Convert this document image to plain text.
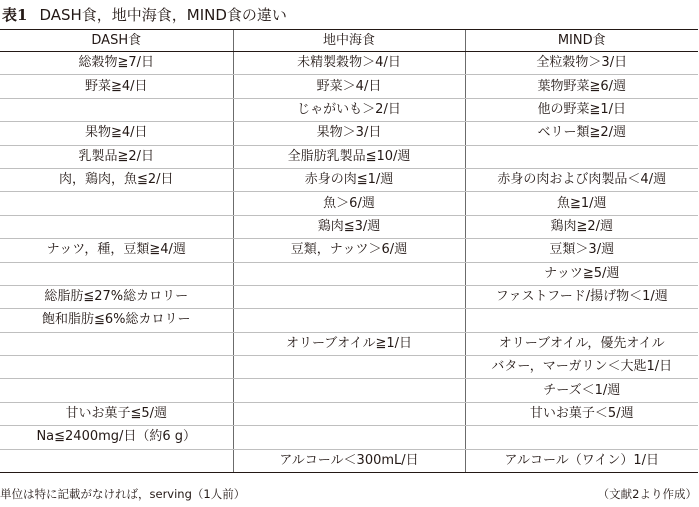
表1 DASH食，地中海食，MIND食の違い
DASH食	地中海食	MIND食
総穀物≧7/日	未精製穀物＞4/日	全粒穀物＞3/日
野菜≧4/日	野菜＞4/日	葉物野菜≧6/週
	じゃがいも＞2/日	他の野菜≧1/日
果物≧4/日	果物＞3/日	ベリー類≧2/週
乳製品≧2/日	全脂肪乳製品≦10/週	
肉，鶏肉，魚≦2/日	赤身の肉≦1/週	赤身の肉および肉製品＜4/週
	魚＞6/週	魚≧1/週
	鶏肉≦3/週	鶏肉≧2/週
ナッツ，種，豆類≧4/週	豆類，ナッツ＞6/週	豆類＞3/週
		ナッツ≧5/週
総脂肪≦27%総カロリー		ファストフード/揚げ物＜1/週
飽和脂肪≦6%総カロリー		
	オリーブオイル≧1/日	オリーブオイル，優先オイル
		バター，マーガリン＜大匙1/日
		チーズ＜1/週
甘いお菓子≦5/週		甘いお菓子＜5/週
Na≦2400mg/日（約6 g）		
	アルコール＜300mL/日	アルコール（ワイン）1/日
単位は特に記載がなければ，serving（1人前）	（文献2より作成）
